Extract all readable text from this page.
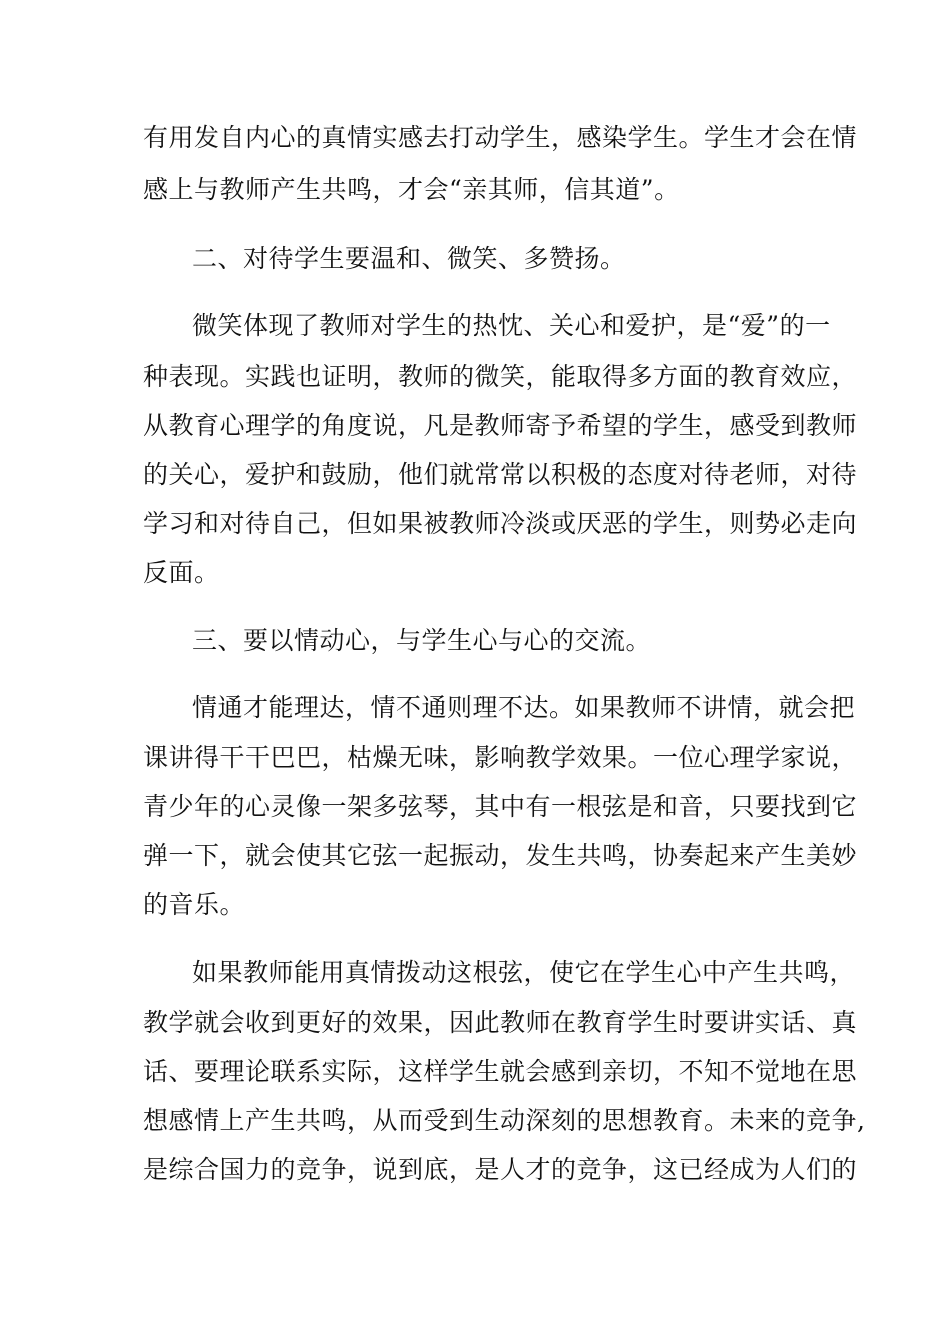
有用发自内心的真情实感去打动学生，感染学生。学生才会在情
感上与教师产生共鸣，才会“亲其师，信其道”。
二、对待学生要温和、微笑、多赞扬。
微笑体现了教师对学生的热忱、关心和爱护，是“爱”的一
种表现。实践也证明，教师的微笑，能取得多方面的教育效应，
从教育心理学的角度说，凡是教师寄予希望的学生，感受到教师
的关心，爱护和鼓励，他们就常常以积极的态度对待老师，对待
学习和对待自己，但如果被教师冷淡或厌恶的学生，则势必走向
反面。
三、要以情动心，与学生心与心的交流。
情通才能理达，情不通则理不达。如果教师不讲情，就会把
课讲得干干巴巴，枯燥无味，影响教学效果。一位心理学家说，
青少年的心灵像一架多弦琴，其中有一根弦是和音，只要找到它
弹一下，就会使其它弦一起振动，发生共鸣，协奏起来产生美妙
的音乐。
如果教师能用真情拨动这根弦，使它在学生心中产生共鸣，
教学就会收到更好的效果，因此教师在教育学生时要讲实话、真
话、要理论联系实际，这样学生就会感到亲切，不知不觉地在思
想感情上产生共鸣，从而受到生动深刻的思想教育。未来的竞争,
是综合国力的竞争，说到底，是人才的竞争，这已经成为人们的
